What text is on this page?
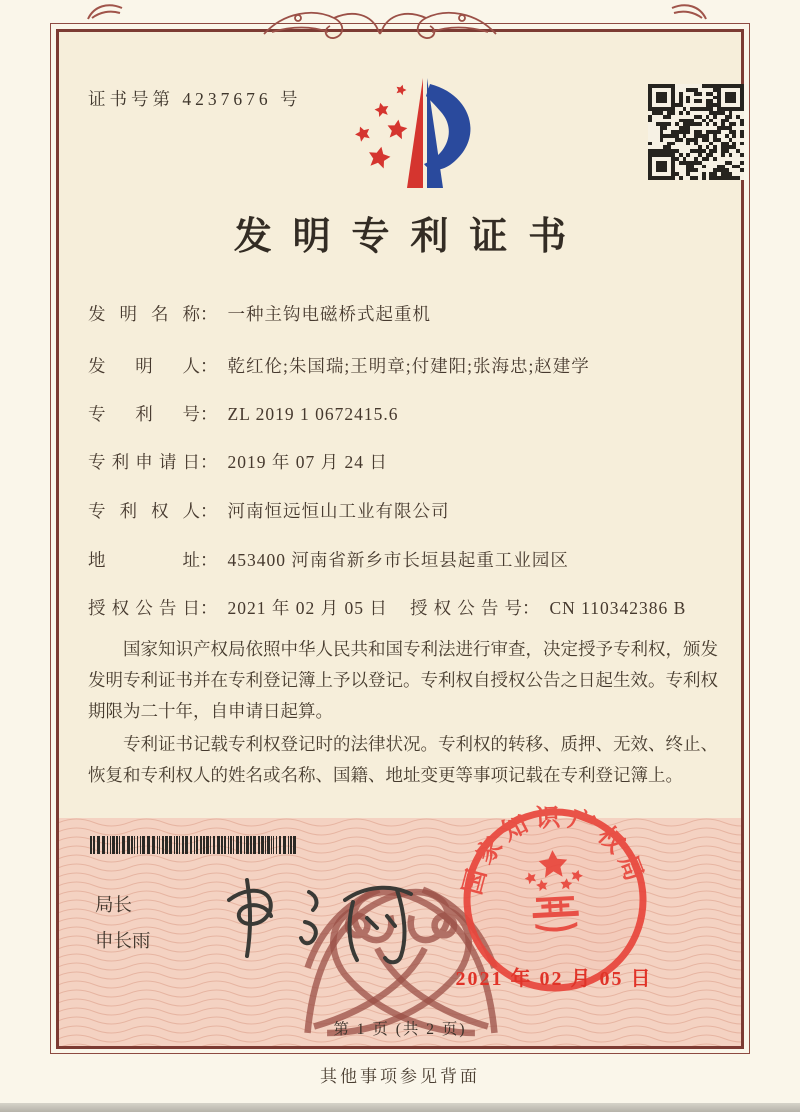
证书号第 4237676 号
发明专利证书
发明名称： 一种主钩电磁桥式起重机
发明人： 乾红伦;朱国瑞;王明章;付建阳;张海忠;赵建学
专利号： ZL 2019 1 0672415.6
专利申请日： 2019 年 07 月 24 日
专利权人： 河南恒远恒山工业有限公司
地址： 453400 河南省新乡市长垣县起重工业园区
授权公告日： 2021 年 02 月 05 日 授权公告号： CN 110342386 B

国家知识产权局依照中华人民共和国专利法进行审查，决定授予专利权，颁发发明专利证书并在专利登记簿上予以登记。专利权自授权公告之日起生效。专利权期限为二十年，自申请日起算。

专利证书记载专利权登记时的法律状况。专利权的转移、质押、无效、终止、恢复和专利权人的姓名或名称、国籍、地址变更等事项记载在专利登记簿上。

局长
申长雨
国家知识产权局
2021 年 02 月 05 日
第 1 页 (共 2 页)
其他事项参见背面
